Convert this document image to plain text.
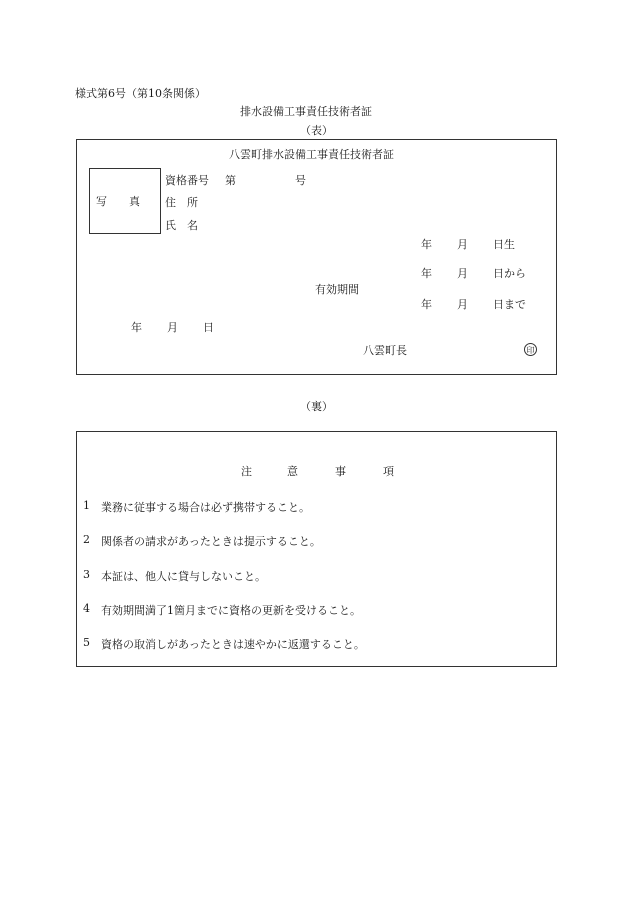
様式第6号（第10条関係）
排水設備工事責任技術者証
（表）
八雲町排水設備工事責任技術者証
写　　真
資格番号 第	号
住　所
氏　名
年 月 日生
年 月 日から
有効期間
年 月 日まで
年 月 日
八雲町長	印
（裏）
注	意	事	項
1 業務に従事する場合は必ず携帯すること。
2 関係者の請求があったときは提示すること。
3 本証は、他人に貸与しないこと。
4 有効期間満了1箇月までに資格の更新を受けること。
5 資格の取消しがあったときは速やかに返還すること。
